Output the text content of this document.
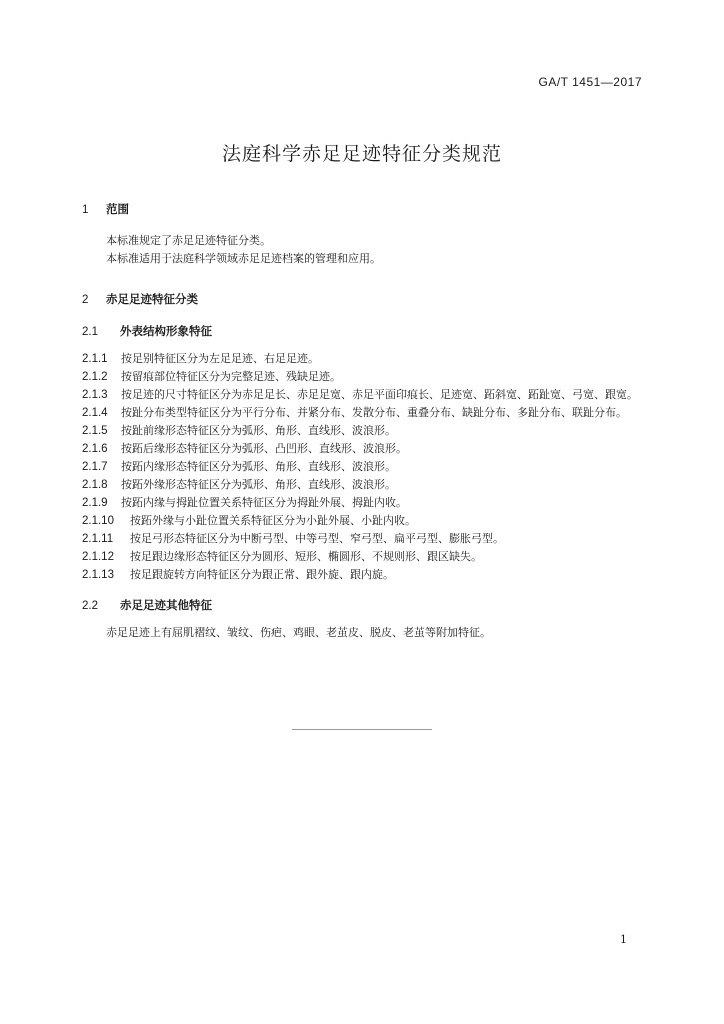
GA/T 1451—2017
法庭科学赤足足迹特征分类规范
1 范围

本标准规定了赤足足迹特征分类。

本标准适用于法庭科学领域赤足足迹档案的管理和应用。

2 赤足足迹特征分类
2.1 外表结构形象特征

2.1.1 按足别特征区分为左足足迹、右足足迹。

2.1.2 按留痕部位特征区分为完整足迹、残缺足迹。

2.1.3 按足迹的尺寸特征区分为赤足足长、赤足足宽、赤足平面印痕长、足迹宽、跖斜宽、跖趾宽、弓宽、跟宽。

2.1.4 按趾分布类型特征区分为平行分布、并紧分布、发散分布、重叠分布、缺趾分布、多趾分布、联趾分布。

2.1.5 按趾前缘形态特征区分为弧形、角形、直线形、波浪形。

2.1.6 按跖后缘形态特征区分为弧形、凸凹形、直线形、波浪形。

2.1.7 按跖内缘形态特征区分为弧形、角形、直线形、波浪形。

2.1.8 按跖外缘形态特征区分为弧形、角形、直线形、波浪形。

2.1.9 按跖内缘与拇趾位置关系特征区分为拇趾外展、拇趾内收。

2.1.10 按跖外缘与小趾位置关系特征区分为小趾外展、小趾内收。

2.1.11 按足弓形态特征区分为中断弓型、中等弓型、窄弓型、扁平弓型、膨胀弓型。

2.1.12 按足跟边缘形态特征区分为圆形、短形、椭圆形、不规则形、跟区缺失。

2.1.13 按足跟旋转方向特征区分为跟正常、跟外旋、跟内旋。

2.2 赤足足迹其他特征

赤足足迹上有屈肌褶纹、皱纹、伤疤、鸡眼、老茧皮、脱皮、老茧等附加特征。

1
